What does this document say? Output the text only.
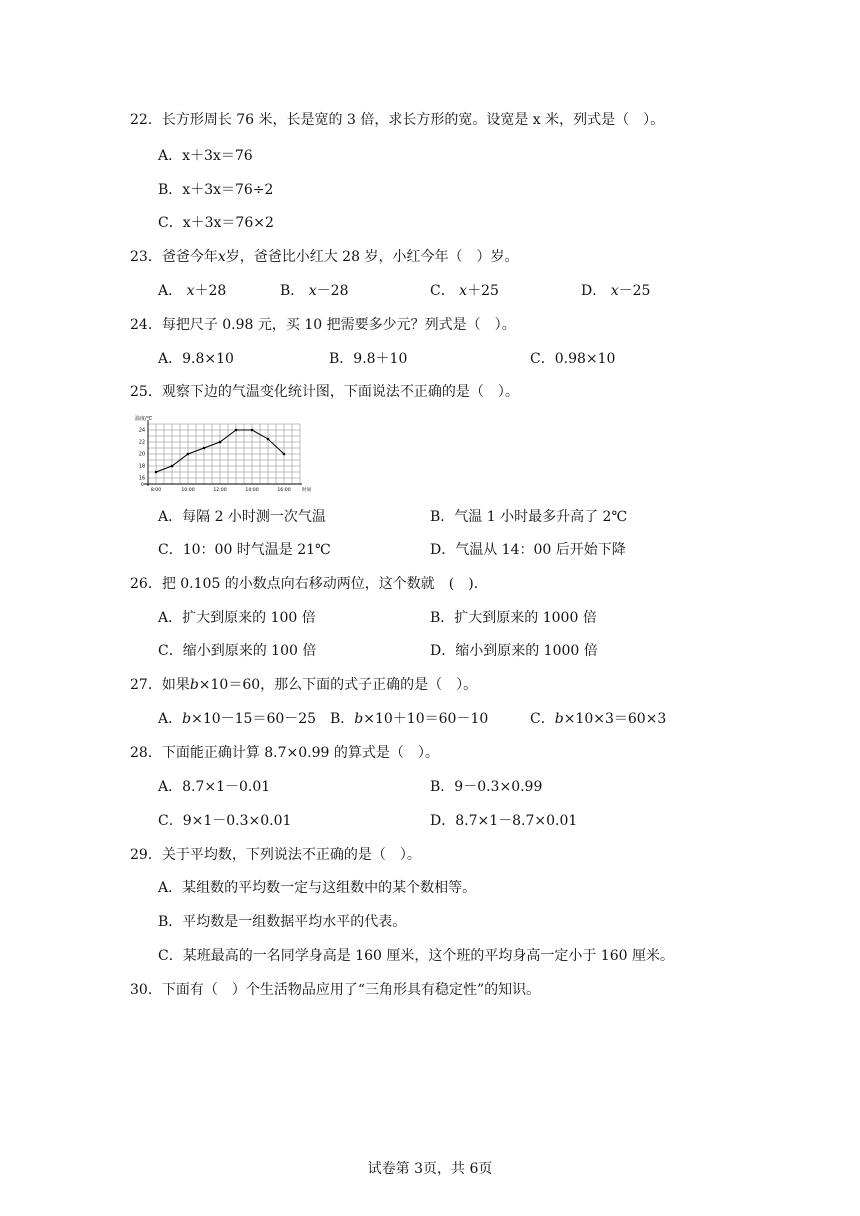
22．长方形周长 76 米，长是宽的 3 倍，求长方形的宽。设宽是 x 米，列式是（　）。
A．x＋3x＝76
B．x＋3x＝76÷2
C．x＋3x＝76×2
23．爸爸今年x岁，爸爸比小红大 28 岁，小红今年（　）岁。
A． x＋28	B． x－28	C． x＋25	D． x－25
24．每把尺子 0.98 元，买 10 把需要多少元？列式是（　）。
A．9.8×10	B．9.8＋10	C．0.98×10
25．观察下边的气温变化统计图，下面说法不正确的是（　）。
温度/℃
时间
24
22
20
18
16
0
8:00	10:00	12:00	14:00	16:00
A．每隔 2 小时测一次气温	B．气温 1 小时最多升高了 2℃
C．10：00 时气温是 21℃	D．气温从 14：00 后开始下降
26．把 0.105 的小数点向右移动两位，这个数就　(　).
A．扩大到原来的 100 倍	B．扩大到原来的 1000 倍
C．缩小到原来的 100 倍	D．缩小到原来的 1000 倍
27．如果b×10＝60，那么下面的式子正确的是（　）。
A．b×10－15＝60－25 B．b×10＋10＝60－10	C．b×10×3＝60×3
28．下面能正确计算 8.7×0.99 的算式是（　）。
A．8.7×1－0.01	B．9－0.3×0.99
C．9×1－0.3×0.01	D．8.7×1－8.7×0.01
29．关于平均数，下列说法不正确的是（　）。
A．某组数的平均数一定与这组数中的某个数相等。
B．平均数是一组数据平均水平的代表。
C．某班最高的一名同学身高是 160 厘米，这个班的平均身高一定小于 160 厘米。
30．下面有（　）个生活物品应用了“三角形具有稳定性”的知识。
试卷第 3页，共 6页
